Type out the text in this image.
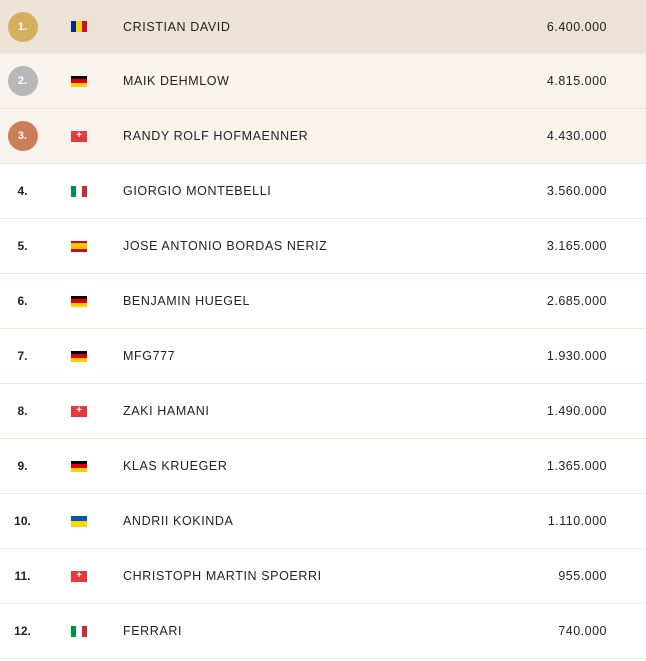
1.	CRISTIAN DAVID	6.400.000
2.	MAIK DEHMLOW	4.815.000
3.	+	RANDY ROLF HOFMAENNER	4.430.000
4.	GIORGIO MONTEBELLI	3.560.000
5.	JOSE ANTONIO BORDAS NERIZ	3.165.000
6.	BENJAMIN HUEGEL	2.685.000
7.	MFG777	1.930.000
8.	+	ZAKI HAMANI	1.490.000
9.	KLAS KRUEGER	1.365.000
10.	ANDRII KOKINDA	1.110.000
11.	+	CHRISTOPH MARTIN SPOERRI	955.000
12.	FERRARI	740.000
